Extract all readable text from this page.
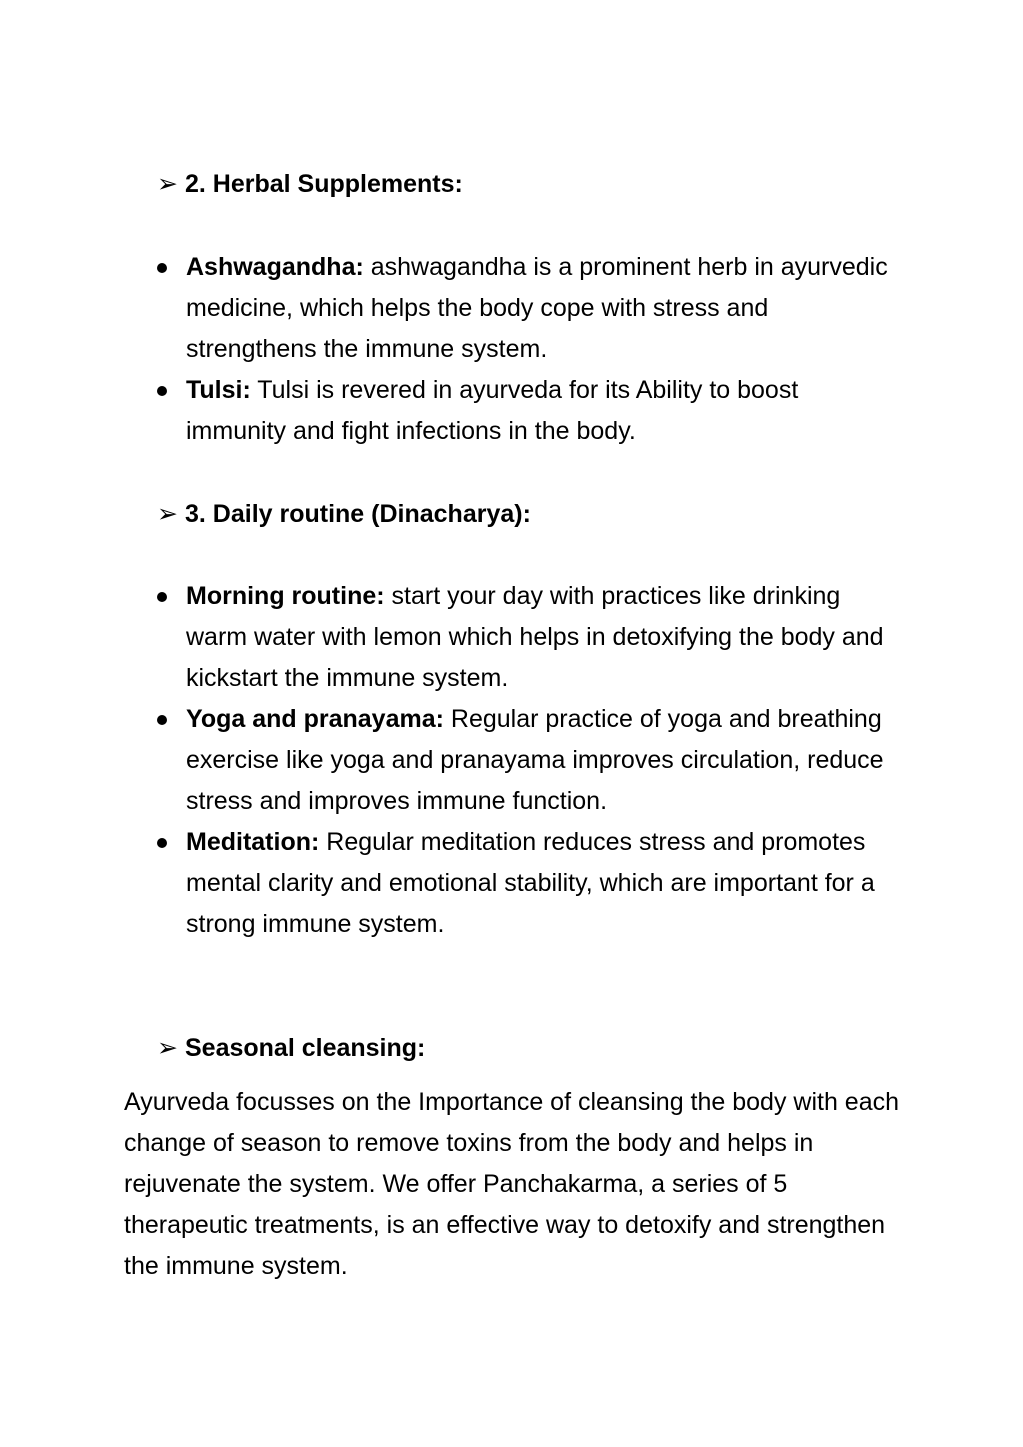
➢ 2. Herbal Supplements:
Ashwagandha: ashwagandha is a prominent herb in ayurvedic medicine, which helps the body cope with stress and strengthens the immune system.
Tulsi: Tulsi is revered in ayurveda for its Ability to boost immunity and fight infections in the body.
➢ 3. Daily routine (Dinacharya):
Morning routine: start your day with practices like drinking warm water with lemon which helps in detoxifying the body and kickstart the immune system.
Yoga and pranayama: Regular practice of yoga and breathing exercise like yoga and pranayama improves circulation, reduce stress and improves immune function.
Meditation: Regular meditation reduces stress and promotes mental clarity and emotional stability, which are important for a strong immune system.
➢ Seasonal cleansing:

Ayurveda focusses on the Importance of cleansing the body with each change of season to remove toxins from the body and helps in rejuvenate the system. We offer Panchakarma, a series of 5 therapeutic treatments, is an effective way to detoxify and strengthen the immune system.
